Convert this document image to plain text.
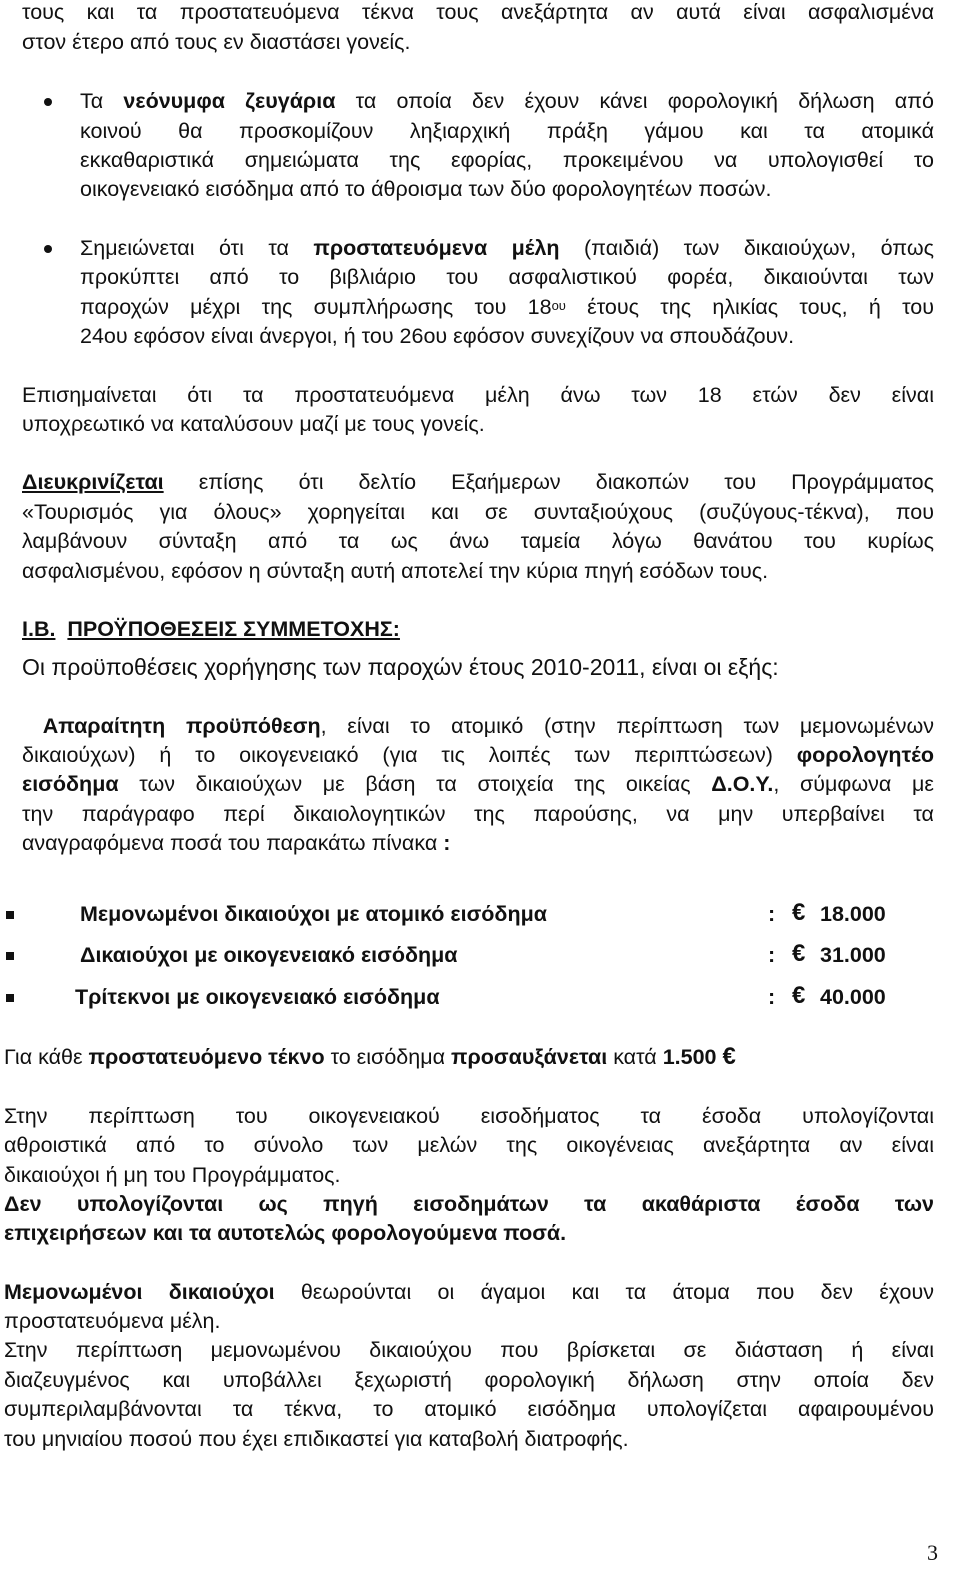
τους και τα προστατευόμενα τέκνα τους ανεξάρτητα αν αυτά είναι ασφαλισμένα
στον έτερο από τους εν διαστάσει γονείς.
Τα νεόνυμφα ζευγάρια τα οποία δεν έχουν κάνει φορολογική δήλωση από
κοινού θα προσκομίζουν ληξιαρχική πράξη γάμου και τα ατομικά
εκκαθαριστικά σημειώματα της εφορίας, προκειμένου να υπολογισθεί το
οικογενειακό εισόδημα από το άθροισμα των δύο φορολογητέων ποσών.
Σημειώνεται ότι τα προστατευόμενα μέλη (παιδιά) των δικαιούχων, όπως
προκύπτει από το βιβλιάριο του ασφαλιστικού φορέα, δικαιούνται των
παροχών μέχρι της συμπλήρωσης του $18^{o\upsilon}$ έτους της ηλικίας τους, ή του
24ου εφόσον είναι άνεργοι, ή του 26ου εφόσον συνεχίζουν να σπουδάζουν.
Επισημαίνεται ότι τα προστατευόμενα μέλη άνω των 18 ετών δεν είναι
υποχρεωτικό να καταλύσουν μαζί με τους γονείς.
Διευκρινίζεται επίσης ότι δελτίο Εξαήμερων διακοπών του Προγράμματος
«Τουρισμός για όλους» χορηγείται και σε συνταξιούχους (συζύγους-τέκνα), που
λαμβάνουν σύνταξη από τα ως άνω ταμεία λόγω θανάτου του κυρίως
ασφαλισμένου, εφόσον η σύνταξη αυτή αποτελεί την κύρια πηγή εσόδων τους.
Ι.Β. ΠΡΟΫΠΟΘΕΣΕΙΣ ΣΥΜΜΕΤΟΧΗΣ:
Οι προϋποθέσεις χορήγησης των παροχών έτους 2010-2011, είναι οι εξής:
Απαραίτητη προϋπόθεση, είναι το ατομικό (στην περίπτωση των μεμονωμένων
δικαιούχων) ή το οικογενειακό (για τις λοιπές των περιπτώσεων) φορολογητέο
εισόδημα των δικαιούχων με βάση τα στοιχεία της οικείας Δ.Ο.Υ., σύμφωνα με
την παράγραφο περί δικαιολογητικών της παρούσης, να μην υπερβαίνει τα
αναγραφόμενα ποσά του παρακάτω πίνακα :
Μεμονωμένοι δικαιούχοι με ατομικό εισόδημα	: € 18.000
Δικαιούχοι με οικογενειακό εισόδημα	: € 31.000
Τρίτεκνοι με οικογενειακό εισόδημα	: € 40.000
Για κάθε προστατευόμενο τέκνο το εισόδημα προσαυξάνεται κατά 1.500 €
Στην περίπτωση του οικογενειακού εισοδήματος τα έσοδα υπολογίζονται
αθροιστικά από το σύνολο των μελών της οικογένειας ανεξάρτητα αν είναι
δικαιούχοι ή μη του Προγράμματος.
Δεν υπολογίζονται ως πηγή εισοδημάτων τα ακαθάριστα έσοδα των
επιχειρήσεων και τα αυτοτελώς φορολογούμενα ποσά.
Μεμονωμένοι δικαιούχοι θεωρούνται οι άγαμοι και τα άτομα που δεν έχουν
προστατευόμενα μέλη.
Στην περίπτωση μεμονωμένου δικαιούχου που βρίσκεται σε διάσταση ή είναι
διαζευγμένος και υποβάλλει ξεχωριστή φορολογική δήλωση στην οποία δεν
συμπεριλαμβάνονται τα τέκνα, το ατομικό εισόδημα υπολογίζεται αφαιρουμένου
του μηνιαίου ποσού που έχει επιδικαστεί για καταβολή διατροφής.
3
